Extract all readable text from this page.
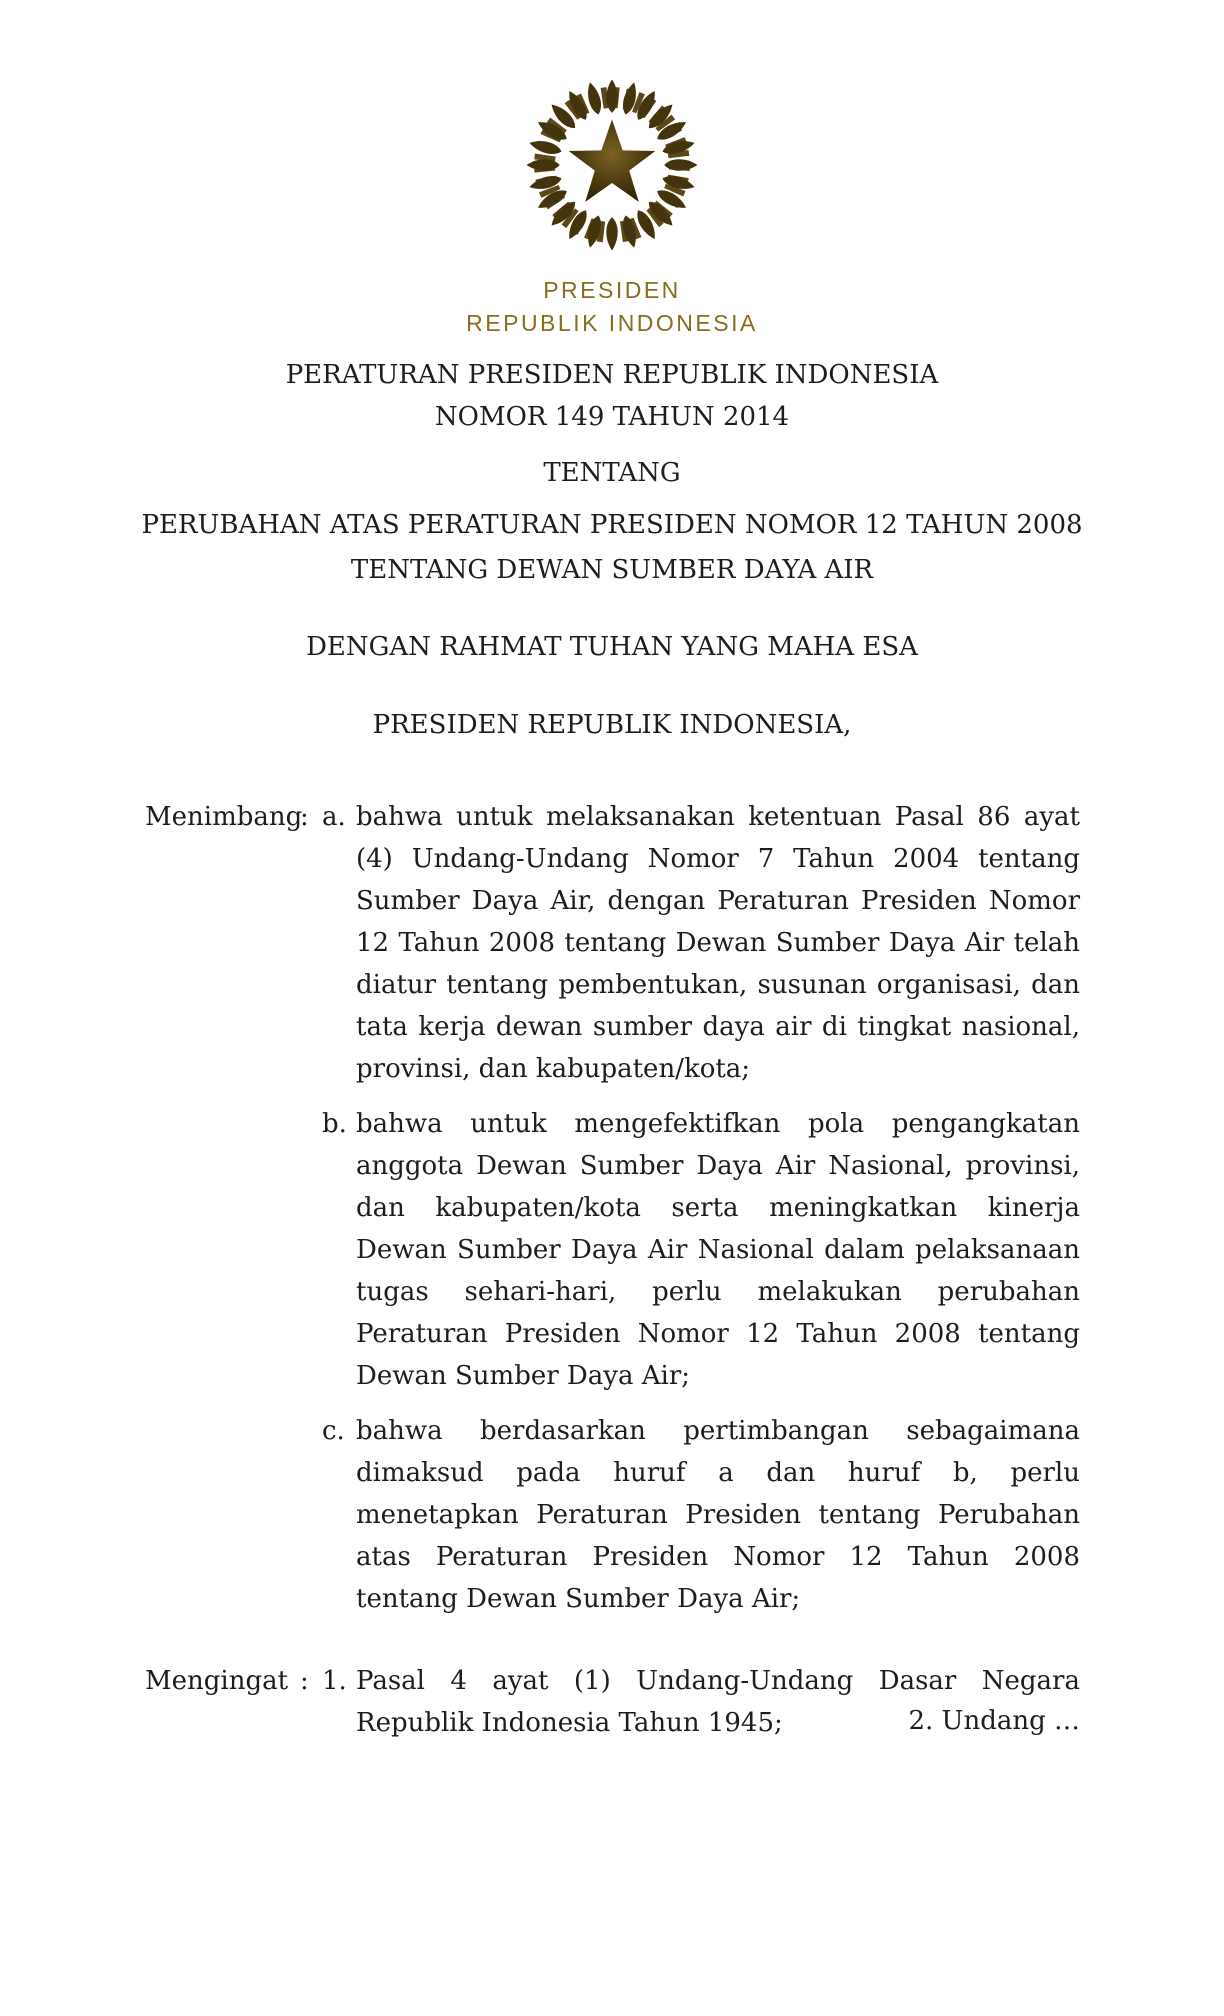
PRESIDEN
REPUBLIK INDONESIA

PERATURAN PRESIDEN REPUBLIK INDONESIA

NOMOR 149 TAHUN 2014

TENTANG

PERUBAHAN ATAS PERATURAN PRESIDEN NOMOR 12 TAHUN 2008

TENTANG DEWAN SUMBER DAYA AIR

DENGAN RAHMAT TUHAN YANG MAHA ESA

PRESIDEN REPUBLIK INDONESIA,

Menimbang
: a. bahwa untuk melaksanakan ketentuan Pasal 86 ayat (4) Undang-Undang Nomor 7 Tahun 2004 tentang Sumber Daya Air, dengan Peraturan Presiden Nomor 12 Tahun 2008 tentang Dewan Sumber Daya Air telah diatur tentang pembentukan, susunan organisasi, dan tata kerja dewan sumber daya air di tingkat nasional, provinsi, dan kabupaten/kota;
b. bahwa untuk mengefektifkan pola pengangkatan anggota Dewan Sumber Daya Air Nasional, provinsi, dan kabupaten/kota serta meningkatkan kinerja Dewan Sumber Daya Air Nasional dalam pelaksanaan tugas sehari-hari, perlu melakukan perubahan Peraturan Presiden Nomor 12 Tahun 2008 tentang Dewan Sumber Daya Air;
c. bahwa berdasarkan pertimbangan sebagaimana dimaksud pada huruf a dan huruf b, perlu menetapkan Peraturan Presiden tentang Perubahan atas Peraturan Presiden Nomor 12 Tahun 2008 tentang Dewan Sumber Daya Air;
Mengingat : 1. Pasal 4 ayat (1) Undang-Undang Dasar Negara Republik Indonesia Tahun 1945;	2. Undang …
